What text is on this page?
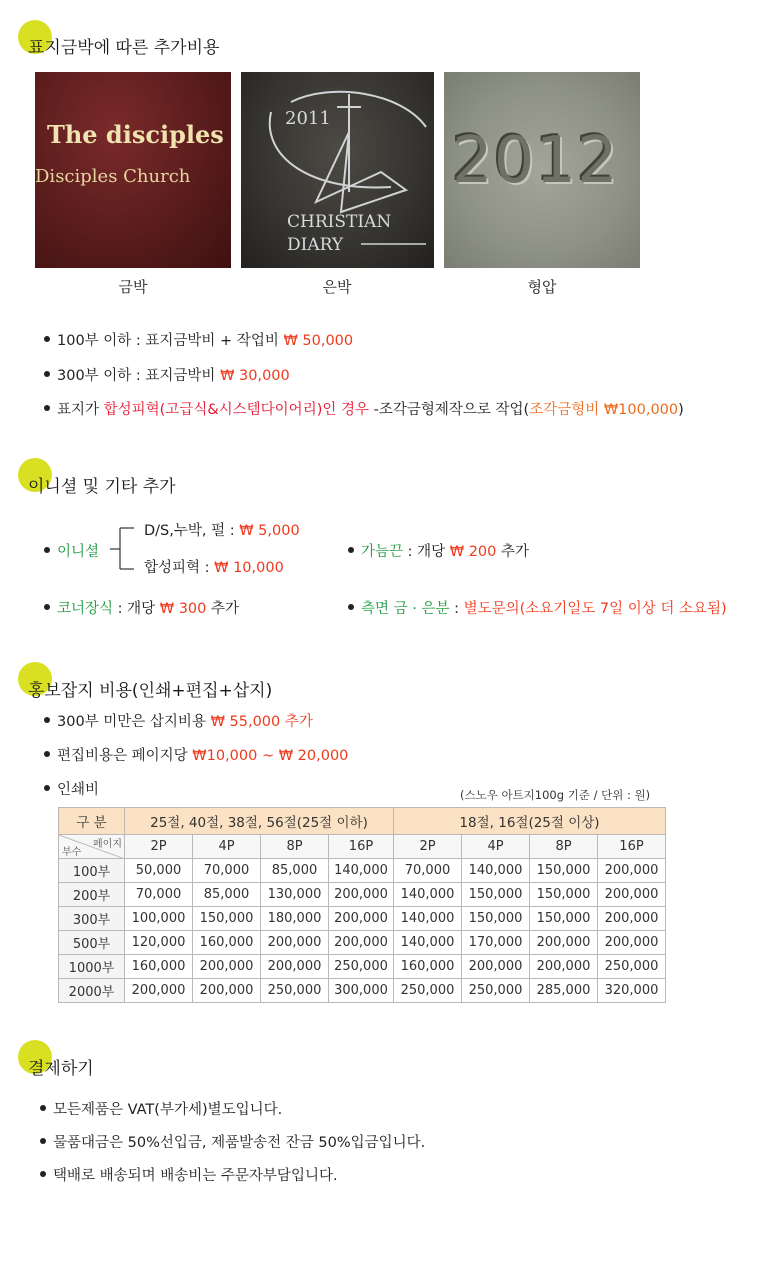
표지금박에 따른 추가비용
The disciples
Disciples Church
금박
2011
CHRISTIAN
DIARY
은박
2012
형압
100부 이하 : 표지금박비 + 작업비 ₩ 50,000
300부 이하 : 표지금박비 ₩ 30,000
표지가 합성피혁(고급식&시스템다이어리)인 경우 -조각금형제작으로 작업(조각금형비 ₩100,000)
이니셜 및 기타 추가
이니셜
D/S,누박, 펄 : ₩ 5,000
합성피혁 : ₩ 10,000
가늠끈 : 개당 ₩ 200 추가
코너장식 : 개당 ₩ 300 추가	측면 금 · 은분 : 별도문의(소요기일도 7일 이상 더 소요됨)
홍보잡지 비용(인쇄+편집+삽지)
300부 미만은 삽지비용 ₩ 55,000 추가
편집비용은 페이지당 ₩10,000 ~ ₩ 20,000
인쇄비	(스노우 아트지100g 기준 / 단위 : 원)
구 분	25절, 40절, 38절, 56절(25절 이하)				18절, 16절(25절 이상)			

페이지
부수	2P	4P	8P	16P	2P	4P	8P	16P
100부	50,000	70,000	85,000	140,000	70,000	140,000	150,000	200,000
200부	70,000	85,000	130,000	200,000	140,000	150,000	150,000	200,000
300부	100,000	150,000	180,000	200,000	140,000	150,000	150,000	200,000
500부	120,000	160,000	200,000	200,000	140,000	170,000	200,000	200,000
1000부	160,000	200,000	200,000	250,000	160,000	200,000	200,000	250,000
2000부	200,000	200,000	250,000	300,000	250,000	250,000	285,000	320,000
결제하기
모든제품은 VAT(부가세)별도입니다.
물품대금은 50%선입금, 제품발송전 잔금 50%입금입니다.
택배로 배송되며 배송비는 주문자부담입니다.
